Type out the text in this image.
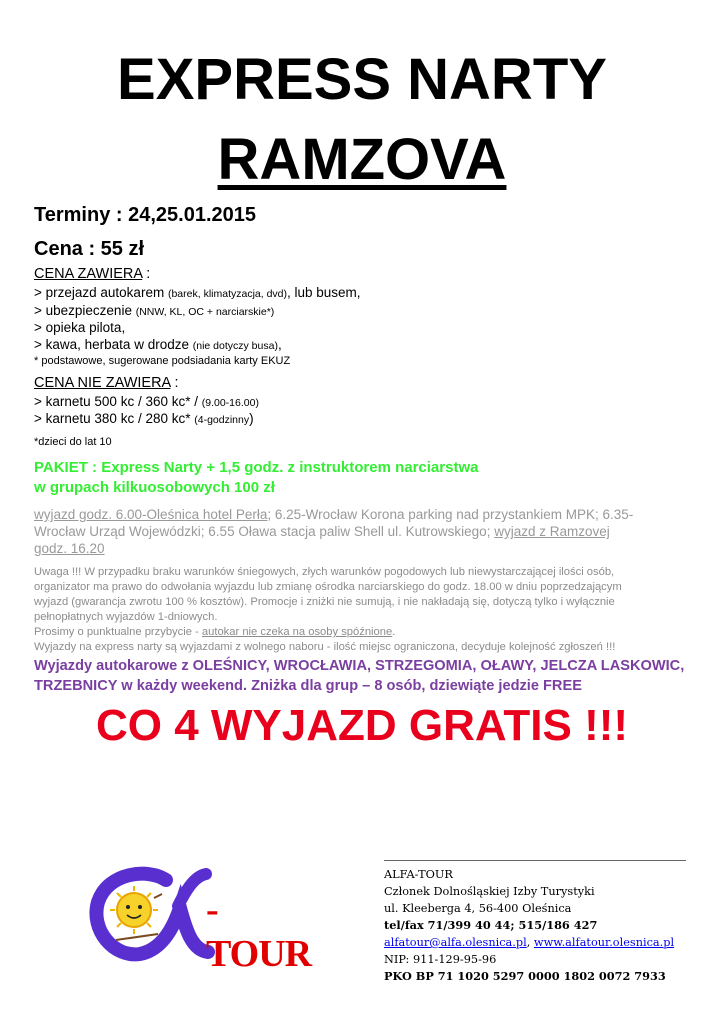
EXPRESS NARTY
RAMZOVA
Terminy : 24,25.01.2015
Cena : 55 zł
CENA ZAWIERA :
> przejazd autokarem (barek, klimatyzacja, dvd), lub busem,
> ubezpieczenie (NNW, KL, OC + narciarskie*)
> opieka pilota,
> kawa, herbata w drodze (nie dotyczy busa),
* podstawowe, sugerowane podsiadania karty EKUZ
CENA NIE ZAWIERA :
> karnetu 500 kc / 360 kc* / (9.00-16.00)
> karnetu 380 kc / 280 kc* (4-godzinny)
*dzieci do lat 10
PAKIET : Express Narty + 1,5 godz. z instruktorem narciarstwa
w grupach kilkuosobowych 100 zł
wyjazd godz. 6.00-Oleśnica hotel Perła; 6.25-Wrocław Korona parking nad przystankiem MPK; 6.35-
Wrocław Urząd Wojewódzki; 6.55 Oława stacja paliw Shell ul. Kutrowskiego; wyjazd z Ramzovej
godz. 16.20
Uwaga !!! W przypadku braku warunków śniegowych, złych warunków pogodowych lub niewystarczającej ilości osób,
organizator ma prawo do odwołania wyjazdu lub zmianę ośrodka narciarskiego do godz. 18.00 w dniu poprzedzającym
wyjazd (gwarancja zwrotu 100 % kosztów). Promocje i zniżki nie sumują, i nie nakładają się, dotyczą tylko i wyłącznie
pełnopłatnych wyjazdów 1-dniowych.
Prosimy o punktualne przybycie - autokar nie czeka na osoby spóźnione.
Wyjazdy na express narty są wyjazdami z wolnego naboru - ilość miejsc ograniczona, decyduje kolejność zgłoszeń !!!
Wyjazdy autokarowe z OLEŚNICY, WROCŁAWIA, STRZEGOMIA, OŁAWY, JELCZA LASKOWIC,
TRZEBNICY w każdy weekend. Zniżka dla grup – 8 osób, dziewiąte jedzie FREE
CO 4 WYJAZD GRATIS !!!
-TOUR
ALFA-TOUR
Członek Dolnośląskiej Izby Turystyki
ul. Kleeberga 4, 56-400 Oleśnica
tel/fax 71/399 40 44; 515/186 427
alfatour@alfa.olesnica.pl, www.alfatour.olesnica.pl
NIP: 911-129-95-96
PKO BP 71 1020 5297 0000 1802 0072 7933
